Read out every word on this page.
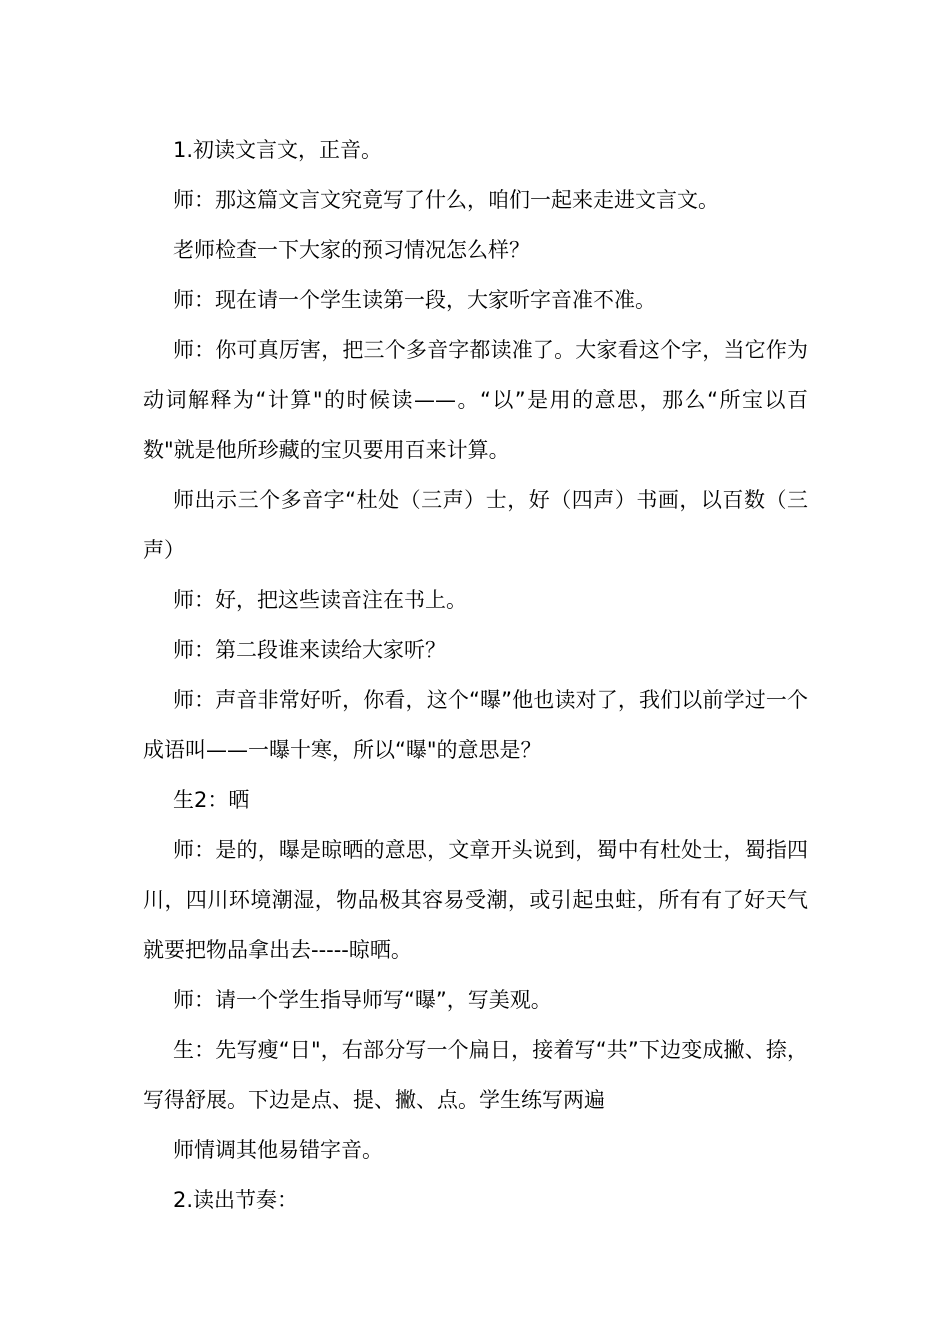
1.初读文言文，正音。

师：那这篇文言文究竟写了什么，咱们一起来走进文言文。

老师检查一下大家的预习情况怎么样？

师：现在请一个学生读第一段，大家听字音准不准。

师：你可真厉害，把三个多音字都读准了。大家看这个字，当它作为动词解释为“计算"的时候读——。“以”是用的意思，那么“所宝以百数"就是他所珍藏的宝贝要用百来计算。

师出示三个多音字“杜处（三声）士，好（四声）书画，以百数（三声）

师：好，把这些读音注在书上。

师：第二段谁来读给大家听？

师：声音非常好听，你看，这个“曝”他也读对了，我们以前学过一个成语叫——一曝十寒，所以“曝"的意思是？

生2：晒

师：是的，曝是晾晒的意思，文章开头说到，蜀中有杜处士，蜀指四川，四川环境潮湿，物品极其容易受潮，或引起虫蛀，所有有了好天气就要把物品拿出去-----晾晒。

师：请一个学生指导师写“曝”，写美观。

生：先写瘦“日"，右部分写一个扁日，接着写“共”下边变成撇、捺，写得舒展。下边是点、提、撇、点。学生练写两遍

师情调其他易错字音。

2.读出节奏：
